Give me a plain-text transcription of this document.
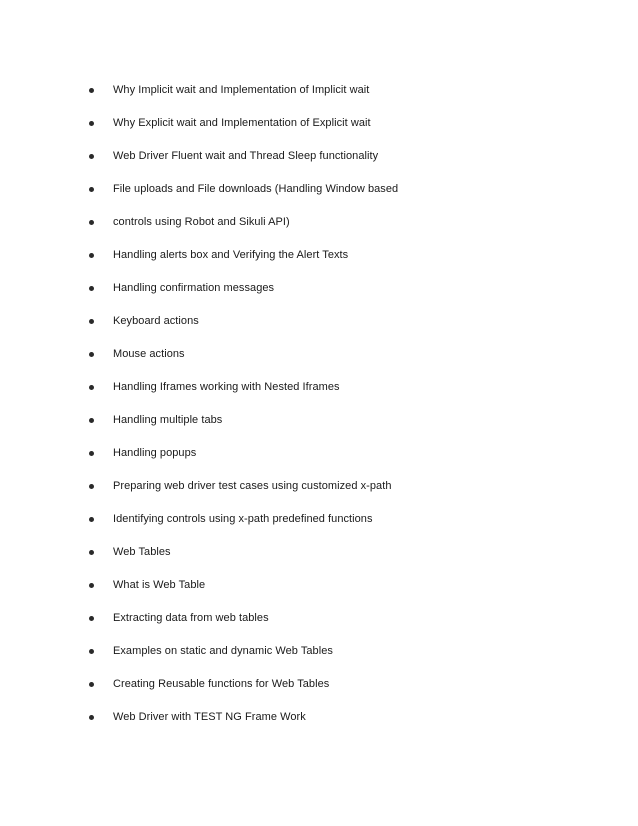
Why Implicit wait and Implementation of Implicit wait
Why Explicit wait and Implementation of Explicit wait
Web Driver Fluent wait and Thread Sleep functionality
File uploads and File downloads (Handling Window based
controls using Robot and Sikuli API)
Handling alerts box and Verifying the Alert Texts
Handling confirmation messages
Keyboard actions
Mouse actions
Handling Iframes working with Nested Iframes
Handling multiple tabs
Handling popups
Preparing web driver test cases using customized x-path
Identifying controls using x-path predefined functions
Web Tables
What is Web Table
Extracting data from web tables
Examples on static and dynamic Web Tables
Creating Reusable functions for Web Tables
Web Driver with TEST NG Frame Work
